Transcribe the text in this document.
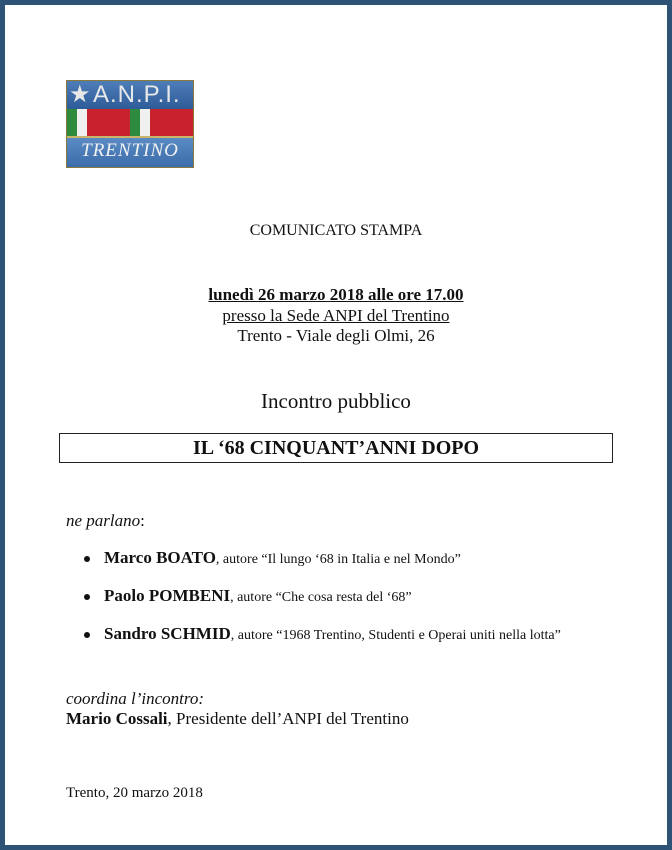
★ A.N.P.I.
TRENTINO
COMUNICATO STAMPA
lunedì 26 marzo 2018 alle ore 17.00
presso la Sede ANPI del Trentino
Trento - Viale degli Olmi, 26
Incontro pubblico
IL ‘68 CINQUANT’ANNI DOPO
ne parlano:
Marco BOATO, autore “Il lungo ‘68 in Italia e nel Mondo”
Paolo POMBENI, autore “Che cosa resta del ‘68”
Sandro SCHMID, autore “1968 Trentino, Studenti e Operai uniti nella lotta”
coordina l’incontro:
Mario Cossali, Presidente dell’ANPI del Trentino
Trento, 20 marzo 2018
